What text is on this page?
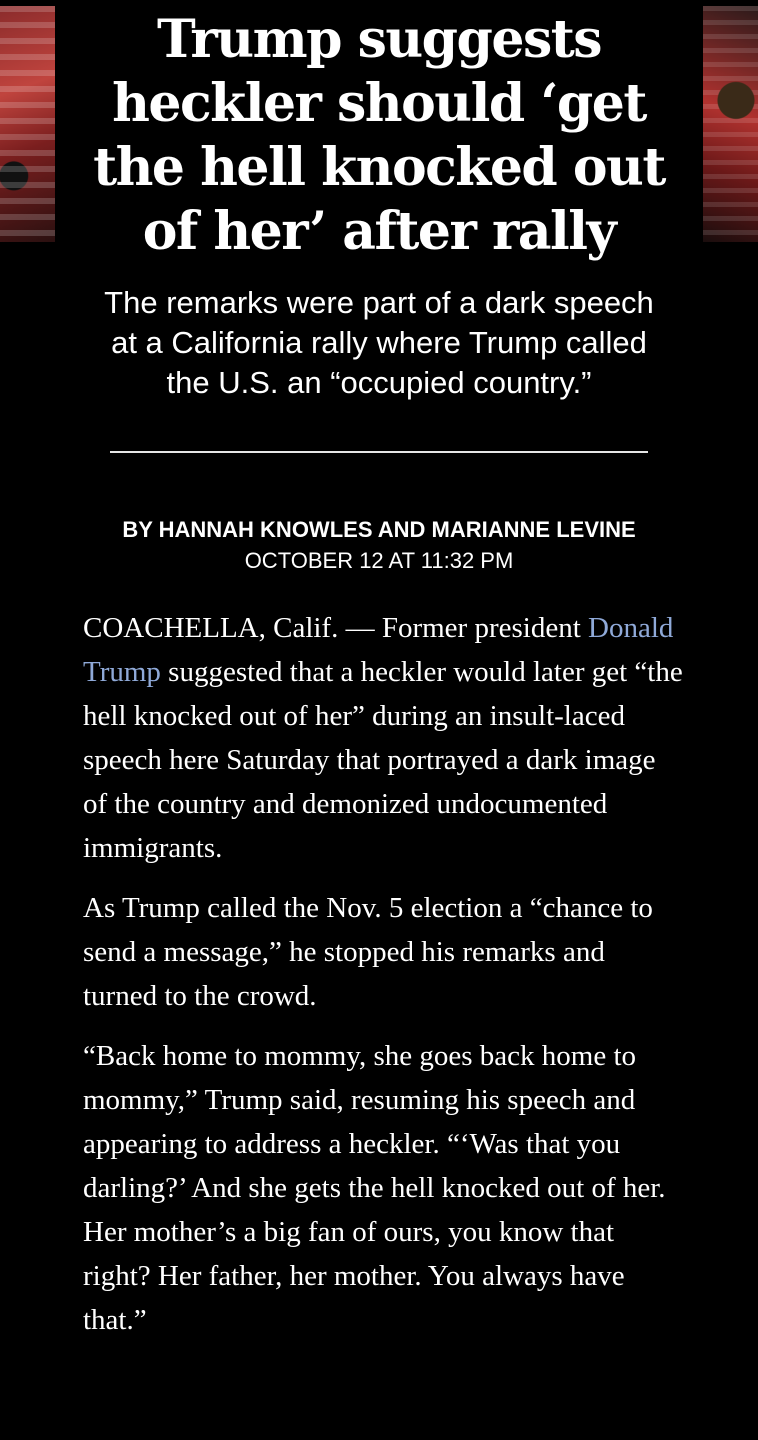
Trump suggests heckler should ‘get the hell knocked out of her’ after rally

The remarks were part of a dark speech at a California rally where Trump called the U.S. an “occupied country.”

BY HANNAH KNOWLES AND MARIANNE LEVINE
OCTOBER 12 AT 11:32 PM

COACHELLA, Calif. — Former president Donald Trump suggested that a heckler would later get “the hell knocked out of her” during an insult-laced speech here Saturday that portrayed a dark image of the country and demonized undocumented immigrants.

As Trump called the Nov. 5 election a “chance to send a message,” he stopped his remarks and turned to the crowd.

“Back home to mommy, she goes back home to mommy,” Trump said, resuming his speech and appearing to address a heckler. “‘Was that you darling?’ And she gets the hell knocked out of her. Her mother’s a big fan of ours, you know that right? Her father, her mother. You always have that.”
